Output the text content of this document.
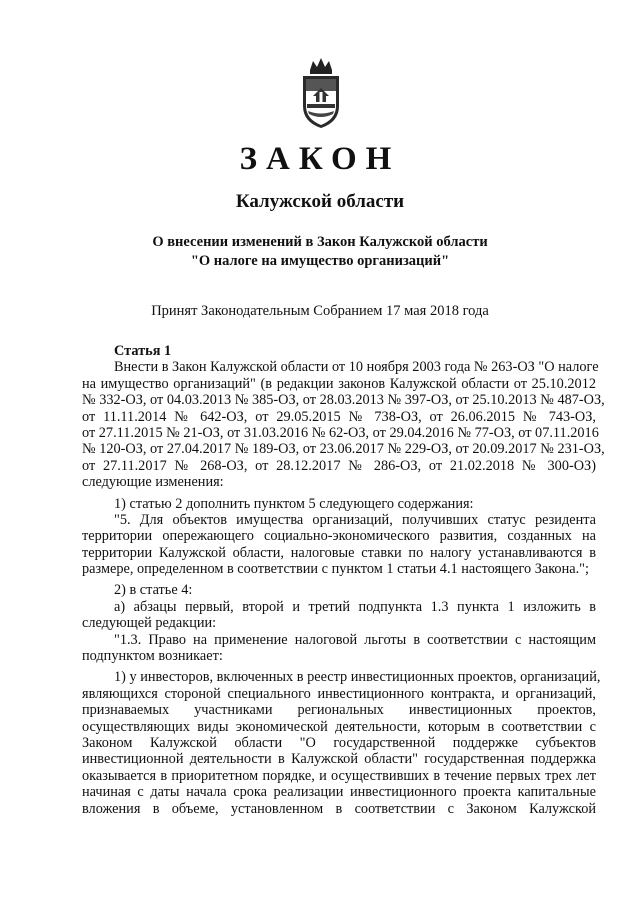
ЗАКОН
Калужской области
О внесении изменений в Закон Калужской области
"О налоге на имущество организаций"
Принят Законодательным Собранием 17 мая 2018 года
Статья 1
Внести в Закон Калужской области от 10 ноября 2003 года № 263-ОЗ "О налоге
на имущество организаций" (в редакции законов Калужской области от 25.10.2012
№ 332-ОЗ, от 04.03.2013 № 385-ОЗ, от 28.03.2013 № 397-ОЗ, от 25.10.2013 № 487-ОЗ,
от 11.11.2014 № 642-ОЗ, от 29.05.2015 № 738-ОЗ, от 26.06.2015 № 743-ОЗ,
от 27.11.2015 № 21-ОЗ, от 31.03.2016 № 62-ОЗ, от 29.04.2016 № 77-ОЗ, от 07.11.2016
№ 120-ОЗ, от 27.04.2017 № 189-ОЗ, от 23.06.2017 № 229-ОЗ, от 20.09.2017 № 231-ОЗ,
от 27.11.2017 № 268-ОЗ, от 28.12.2017 № 286-ОЗ, от 21.02.2018 № 300-ОЗ)
следующие изменения:
1) статью 2 дополнить пунктом 5 следующего содержания:
"5. Для объектов имущества организаций, получивших статус резидента
территории опережающего социально-экономического развития, созданных на
территории Калужской области, налоговые ставки по налогу устанавливаются в
размере, определенном в соответствии с пунктом 1 статьи 4.1 настоящего Закона.";
2) в статье 4:
а) абзацы первый, второй и третий подпункта 1.3 пункта 1 изложить в
следующей редакции:
"1.3. Право на применение налоговой льготы в соответствии с настоящим
подпунктом возникает:
1) у инвесторов, включенных в реестр инвестиционных проектов, организаций,
являющихся стороной специального инвестиционного контракта, и организаций,
признаваемых участниками региональных инвестиционных проектов,
осуществляющих виды экономической деятельности, которым в соответствии с
Законом Калужской области "О государственной поддержке субъектов
инвестиционной деятельности в Калужской области" государственная поддержка
оказывается в приоритетном порядке, и осуществивших в течение первых трех лет
начиная с даты начала срока реализации инвестиционного проекта капитальные
вложения в объеме, установленном в соответствии с Законом Калужской
